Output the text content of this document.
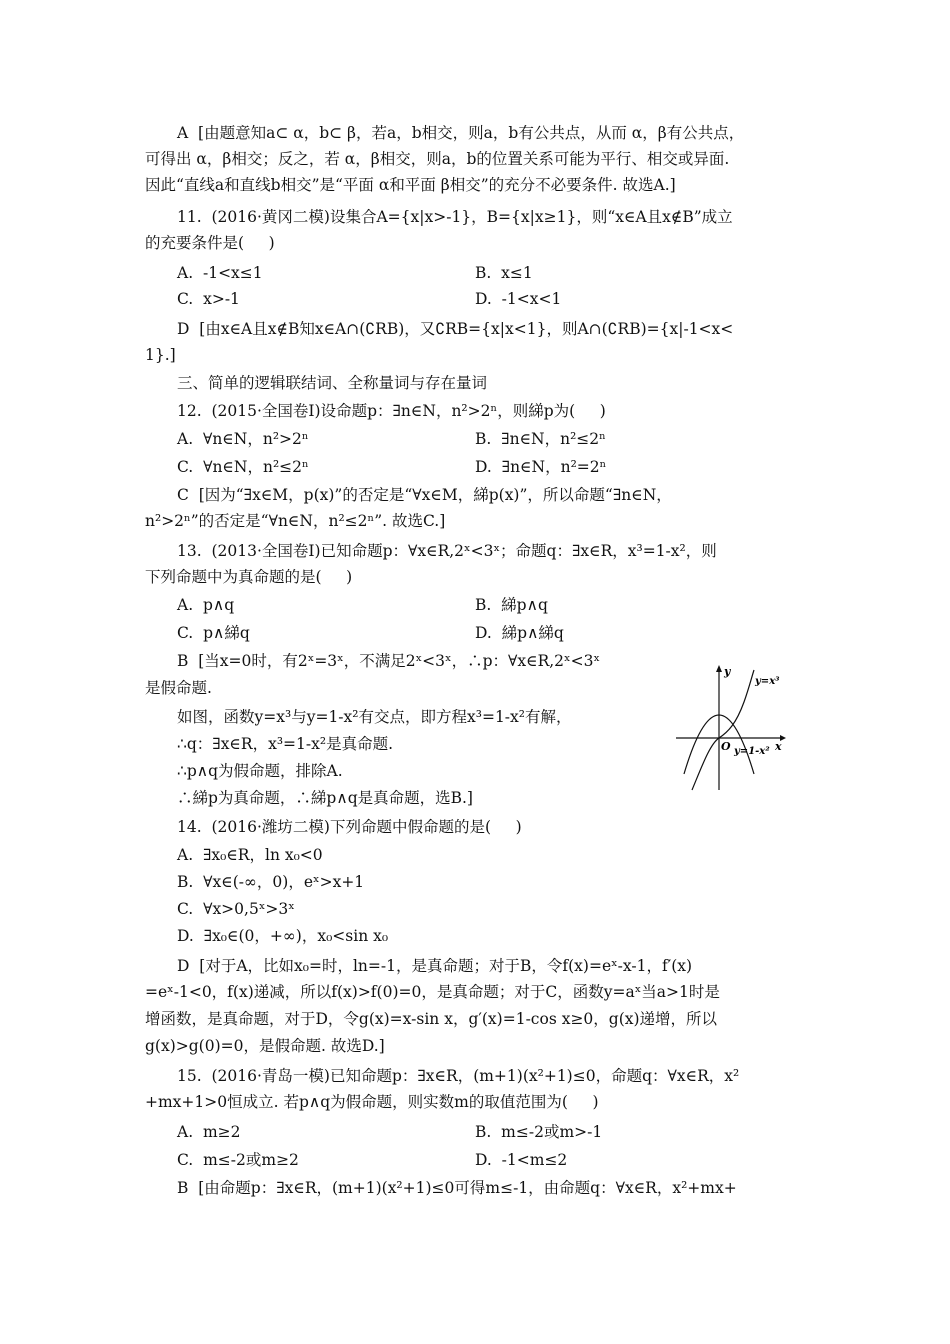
A  [由题意知a⊂ α，b⊂ β，若a，b相交，则a，b有公共点，从而 α，β有公共点，
可得出 α，β相交；反之，若 α，β相交，则a，b的位置关系可能为平行、相交或异面.
因此“直线a和直线b相交”是“平面 α和平面 β相交”的充分不必要条件. 故选A.]
11.  (2016·黄冈二模)设集合A={x|x>-1}，B={x|x≥1}，则“x∈A且x∉B”成立
的充要条件是(     )
A.  -1<x≤1	B.  x≤1
C.  x>-1	D.  -1<x<1
D  [由x∈A且x∉B知x∈A∩(∁RB)，又∁RB={x|x<1}，则A∩(∁RB)={x|-1<x<
1}.]
三、简单的逻辑联结词、全称量词与存在量词
12.  (2015·全国卷Ⅰ)设命题p：∃n∈N，n²>2ⁿ，则綈p为(     )
A.  ∀n∈N，n²>2ⁿ	B.  ∃n∈N，n²≤2ⁿ
C.  ∀n∈N，n²≤2ⁿ	D.  ∃n∈N，n²=2ⁿ
C  [因为“∃x∈M，p(x)”的否定是“∀x∈M，綈p(x)”，所以命题“∃n∈N，
n²>2ⁿ”的否定是“∀n∈N，n²≤2ⁿ”. 故选C.]
13.  (2013·全国卷Ⅰ)已知命题p：∀x∈R,2ˣ<3ˣ；命题q：∃x∈R，x³=1-x²，则
下列命题中为真命题的是(     )
A.  p∧q	B.  綈p∧q
C.  p∧綈q	D.  綈p∧綈q
B  [当x=0时，有2ˣ=3ˣ，不满足2ˣ<3ˣ，∴p：∀x∈R,2ˣ<3ˣ
是假命题.
如图，函数y=x³与y=1-x²有交点，即方程x³=1-x²有解，
∴q：∃x∈R，x³=1-x²是真命题.
∴p∧q为假命题，排除A.
∴綈p为真命题，∴綈p∧q是真命题，选B.]
y
x
O
y=x³
y=1-x²
14.  (2016·潍坊二模)下列命题中假命题的是(     )
A.  ∃x₀∈R，ln x₀<0
B.  ∀x∈(-∞，0)，eˣ>x+1
C.  ∀x>0,5ˣ>3ˣ
D.  ∃x₀∈(0，+∞)，x₀<sin x₀
D  [对于A，比如x₀=时，ln=-1，是真命题；对于B，令f(x)=eˣ-x-1，f′(x)
=eˣ-1<0，f(x)递减，所以f(x)>f(0)=0，是真命题；对于C，函数y=aˣ当a>1时是
增函数，是真命题，对于D，令g(x)=x-sin x，g′(x)=1-cos x≥0，g(x)递增，所以
g(x)>g(0)=0，是假命题. 故选D.]
15.  (2016·青岛一模)已知命题p：∃x∈R，(m+1)(x²+1)≤0，命题q：∀x∈R，x²
+mx+1>0恒成立. 若p∧q为假命题，则实数m的取值范围为(     )
A.  m≥2	B.  m≤-2或m>-1
C.  m≤-2或m≥2	D.  -1<m≤2
B  [由命题p：∃x∈R，(m+1)(x²+1)≤0可得m≤-1，由命题q：∀x∈R，x²+mx+
